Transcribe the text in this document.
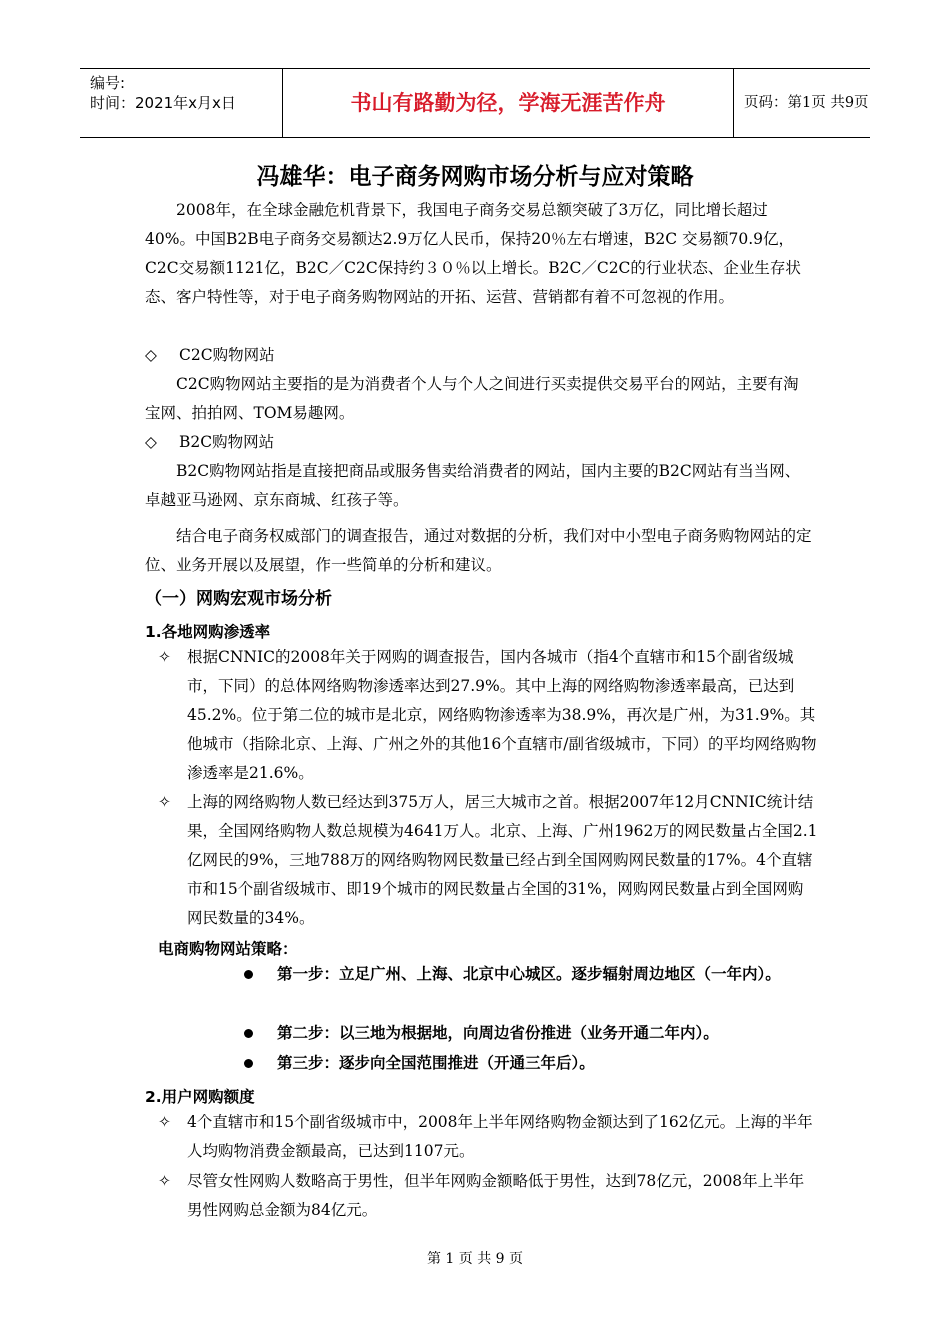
编号:
时间：2021年x月x日	书山有路勤为径，学海无涯苦作舟	页码：第1页 共9页
冯雄华：电子商务网购市场分析与应对策略
2008年，在全球金融危机背景下，我国电子商务交易总额突破了3万亿，同比增长超过40%。中国B2B电子商务交易额达2.9万亿人民币，保持20％左右增速，B2C 交易额70.9亿，C2C交易额1121亿，B2C／C2C保持约３０％以上增长。B2C／C2C的行业状态、企业生存状态、客户特性等，对于电子商务购物网站的开拓、运营、营销都有着不可忽视的作用。
◇ C2C购物网站
C2C购物网站主要指的是为消费者个人与个人之间进行买卖提供交易平台的网站，主要有淘宝网、拍拍网、TOM易趣网。
◇ B2C购物网站
B2C购物网站指是直接把商品或服务售卖给消费者的网站，国内主要的B2C网站有当当网、卓越亚马逊网、京东商城、红孩子等。
结合电子商务权威部门的调查报告，通过对数据的分析，我们对中小型电子商务购物网站的定位、业务开展以及展望，作一些简单的分析和建议。
（一）网购宏观市场分析
1.各地网购渗透率
✧ 根据CNNIC的2008年关于网购的调查报告，国内各城市（指4个直辖市和15个副省级城市，下同）的总体网络购物渗透率达到27.9%。其中上海的网络购物渗透率最高，已达到45.2%。位于第二位的城市是北京，网络购物渗透率为38.9%，再次是广州，为31.9%。其他城市（指除北京、上海、广州之外的其他16个直辖市/副省级城市，下同）的平均网络购物渗透率是21.6%。
✧ 上海的网络购物人数已经达到375万人，居三大城市之首。根据2007年12月CNNIC统计结果，全国网络购物人数总规模为4641万人。北京、上海、广州1962万的网民数量占全国2.1亿网民的9%，三地788万的网络购物网民数量已经占到全国网购网民数量的17%。4个直辖市和15个副省级城市、即19个城市的网民数量占全国的31%，网购网民数量占到全国网购网民数量的34%。
电商购物网站策略：
第一步：立足广州、上海、北京中心城区。逐步辐射周边地区（一年内）。
第二步：以三地为根据地，向周边省份推进（业务开通二年内）。
第三步：逐步向全国范围推进（开通三年后）。
2.用户网购额度
✧ 4个直辖市和15个副省级城市中，2008年上半年网络购物金额达到了162亿元。上海的半年人均购物消费金额最高，已达到1107元。
✧ 尽管女性网购人数略高于男性，但半年网购金额略低于男性，达到78亿元，2008年上半年男性网购总金额为84亿元。
第 1 页 共 9 页
